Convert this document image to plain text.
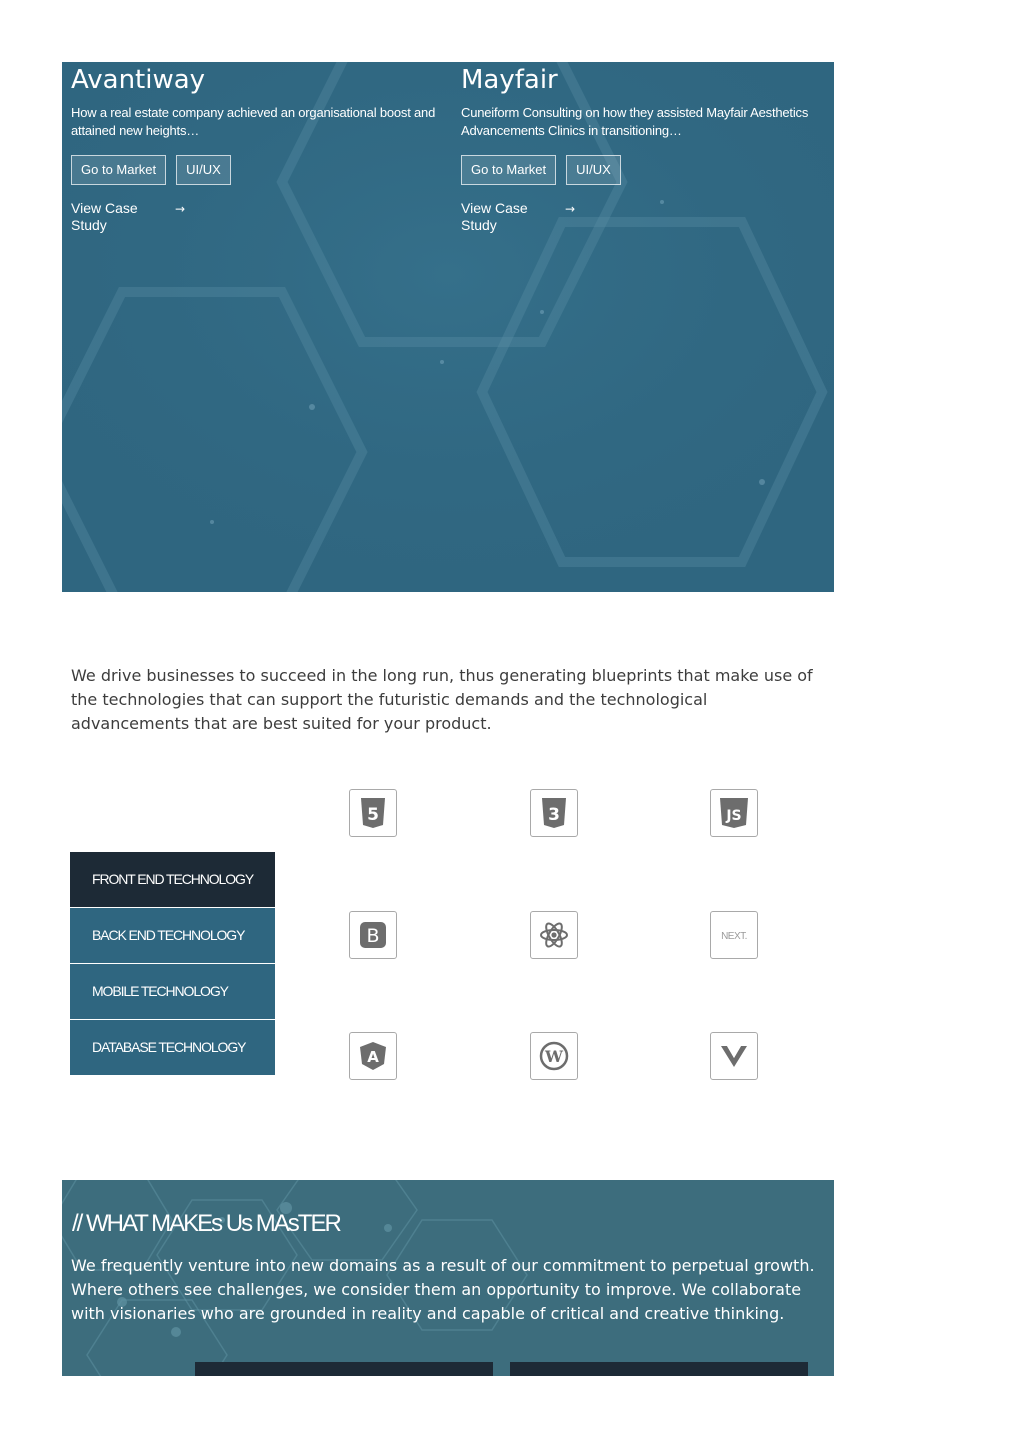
Avantiway
How a real estate company achieved an organisational boost and attained new heights…
Go to Market UI/UX
View Case Study
→
Mayfair
Cuneiform Consulting on how they assisted Mayfair Aesthetics Advancements Clinics in transitioning…
Go to Market UI/UX
View Case Study
→

We drive businesses to succeed in the long run, thus generating blueprints that make use of the technologies that can support the futuristic demands and the technological advancements that are best suited for your product.

FRONT END TECHNOLOGY
BACK END TECHNOLOGY
MOBILE TECHNOLOGY
DATABASE TECHNOLOGY
5	3	JS
B	NEXT.
A	W
// WHAT MAKEs Us MAsTER

We frequently venture into new domains as a result of our commitment to perpetual growth. Where others see challenges, we consider them an opportunity to improve. We collaborate with visionaries who are grounded in reality and capable of critical and creative thinking.
